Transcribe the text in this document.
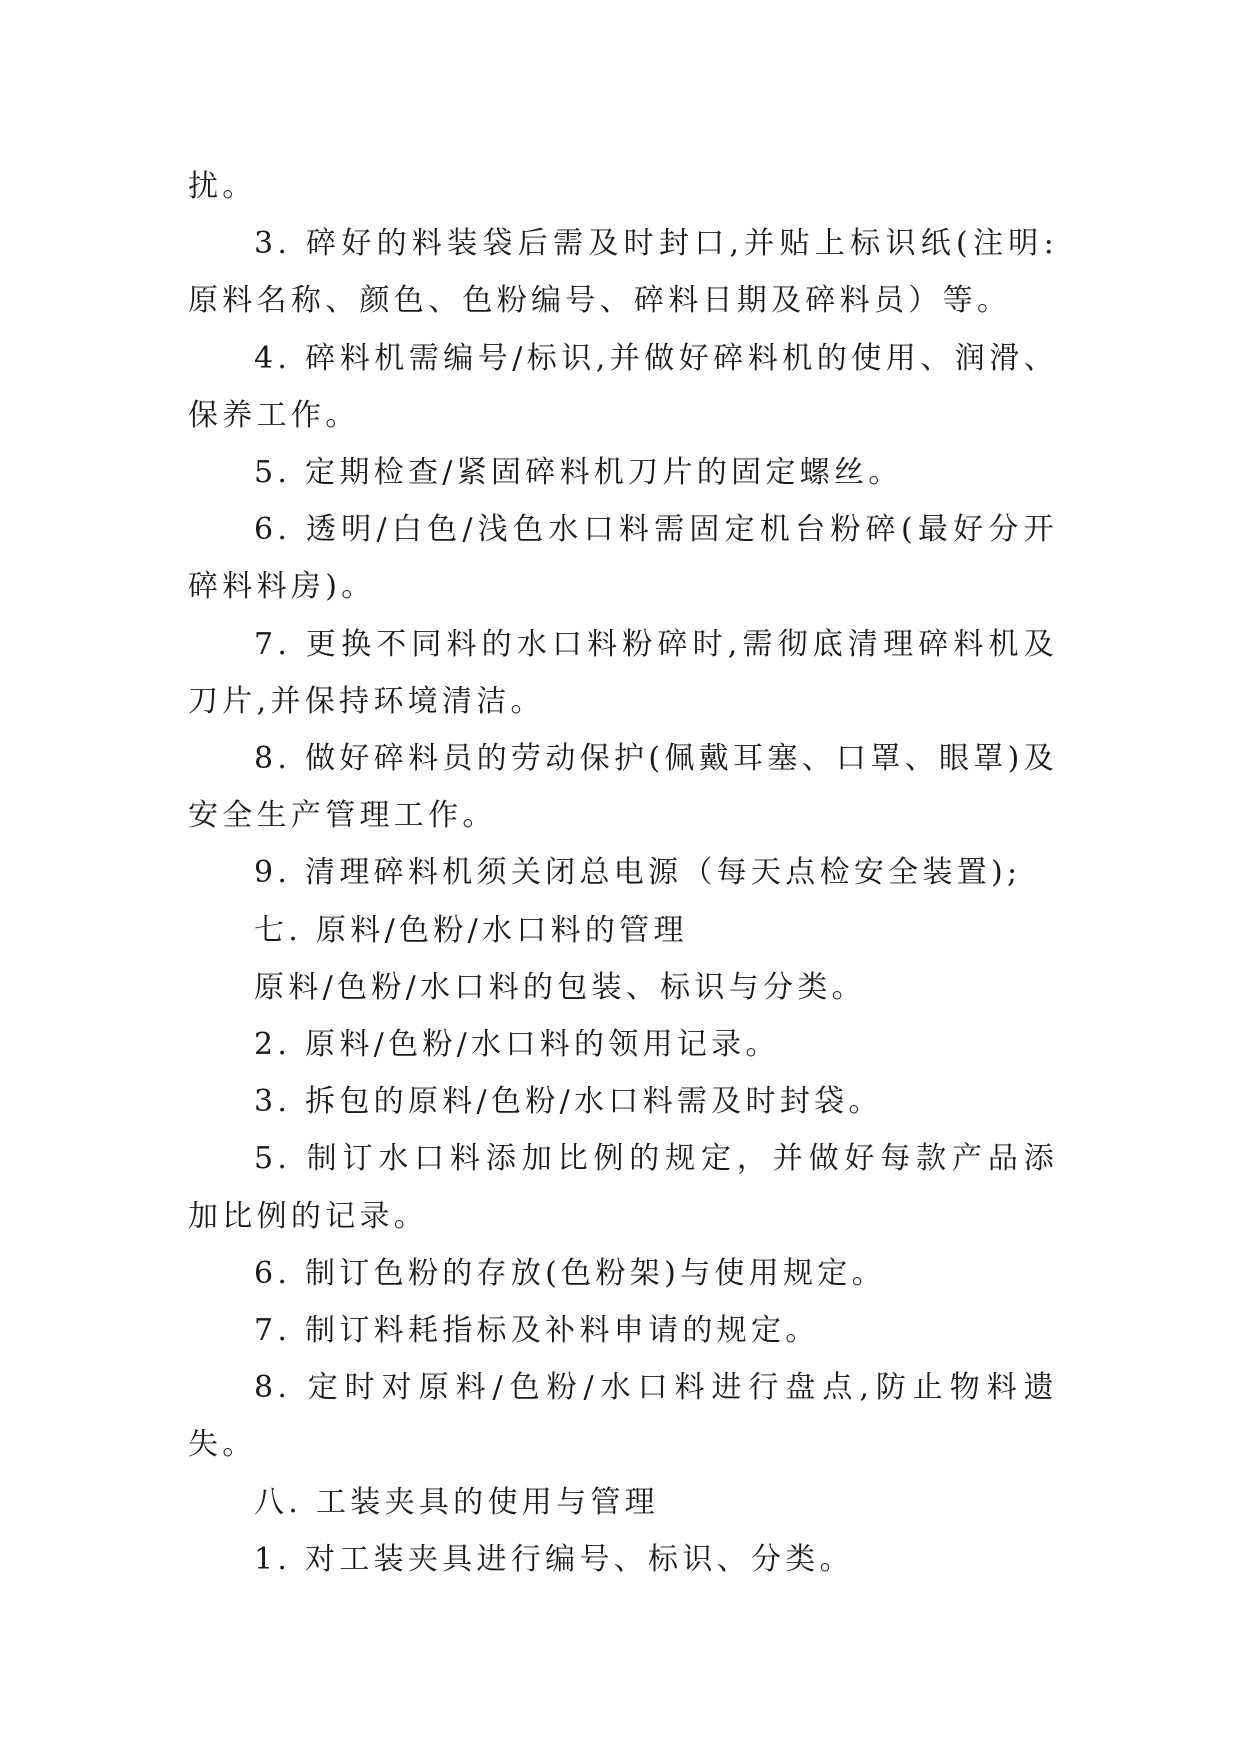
扰。

3. 碎好的料装袋后需及时封口,并贴上标识纸(注明:原料名称、颜色、色粉编号、碎料日期及碎料员）等。

4. 碎料机需编号/标识,并做好碎料机的使用、润滑、保养工作。

5. 定期检查/紧固碎料机刀片的固定螺丝。

6. 透明/白色/浅色水口料需固定机台粉碎(最好分开碎料料房)。

7. 更换不同料的水口料粉碎时,需彻底清理碎料机及刀片,并保持环境清洁。

8. 做好碎料员的劳动保护(佩戴耳塞、口罩、眼罩)及安全生产管理工作。

9. 清理碎料机须关闭总电源（每天点检安全装置);

七. 原料/色粉/水口料的管理

原料/色粉/水口料的包装、标识与分类。

2. 原料/色粉/水口料的领用记录。

3. 拆包的原料/色粉/水口料需及时封袋。

5. 制订水口料添加比例的规定，并做好每款产品添加比例的记录。

6. 制订色粉的存放(色粉架)与使用规定。

7. 制订料耗指标及补料申请的规定。

8. 定时对原料/色粉/水口料进行盘点,防止物料遗失。

八. 工装夹具的使用与管理

1. 对工装夹具进行编号、标识、分类。
